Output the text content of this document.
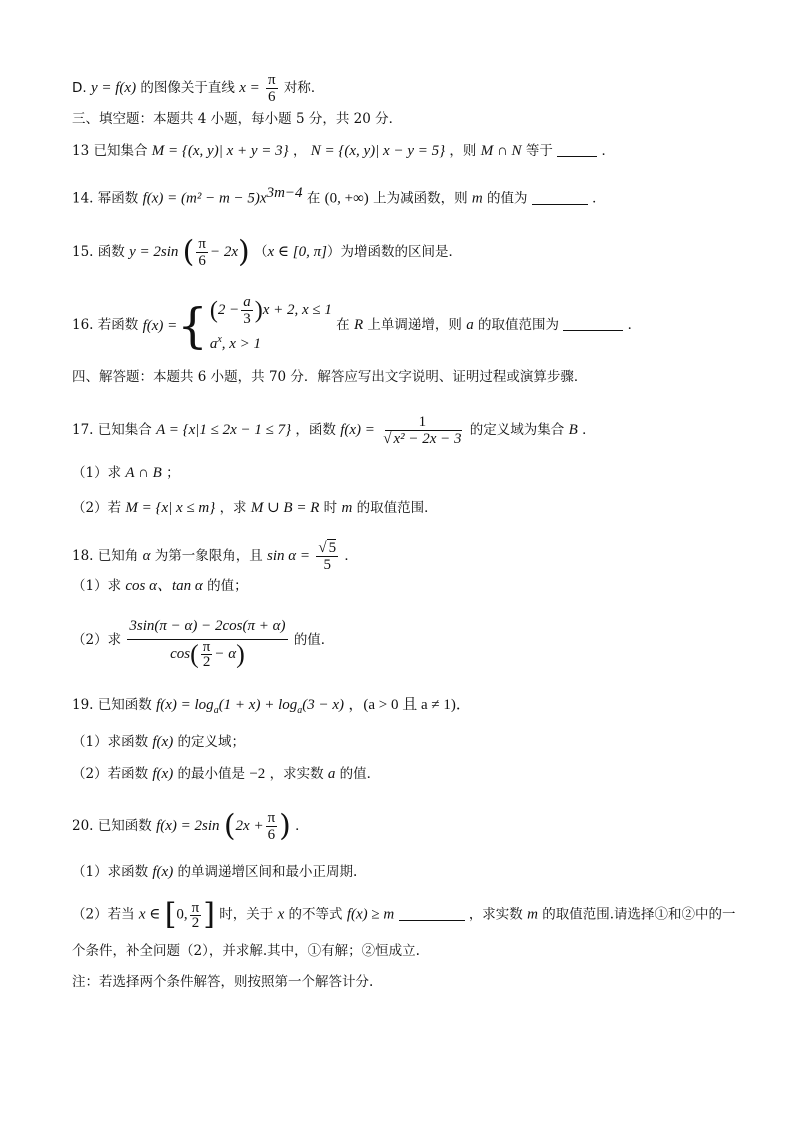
D. y = f(x) 的图像关于直线 $x = \frac{\pi}{6}$ 对称．
三、填空题：本题共 4 小题，每小题 5 分，共 20 分．
13 已知集合 M = {(x, y)| x + y = 3} ， N = {(x, y)| x − y = 5} ，则 M ∩ N 等于	．
14. 幂函数 $f(x) = (m^2 - m - 5)x^{3m-4}$ 在 (0, +∞) 上为减函数，则 m 的值为	．
15. 函数 y = 2sin ( $\frac{\pi}{6} - 2x$) （x ∈ [0, π]）为增函数的区间是．
16. 若函数 f(x) = { $(2 - \frac{a}{3} )x + 2$, x ≤ 1
$a^x$, x > 1
在 R 上单调递增，则 a 的取值范围为	．
四、解答题：本题共 6 小题，共 70 分．解答应写出文字说明、证明过程或演算步骤．
17. 已知集合 A = {x|1 ≤ 2x − 1 ≤ 7} ，函数 $f(x) = \frac{1}{\text{√ x² − 2x − 3}}$ 的定义域为集合 B ．
（1）求 A ∩ B ；
（2）若 M = {x| x ≤ m} ，求 M ∪ B = R 时 m 的取值范围．
18. 已知角 α 为第一象限角，且 $\sin \alpha = \frac{√ 5}{5}$ ．
（1）求 cos α、tan α 的值；
（2）求 $\frac{3\sin(\pi - \alpha) - 2\cos(\pi + \alpha)}{\cos( \frac{\pi}{2} - \alpha)}$ 的值．
19. 已知函数 $f(x) = \log_a(1 + x) + \log_a(3 - x)$ ，(a > 0 且 a ≠ 1)．
（1）求函数 f(x) 的定义域；
（2）若函数 f(x) 的最小值是 −2 ，求实数 a 的值．
20. 已知函数 f(x) = 2sin ($2x + \frac{\pi}{6}$ ) ．
（1）求函数 f(x) 的单调递增区间和最小正周期.
（2）若当 x ∈ [0, $\frac{\pi}{2}$ ] 时，关于 x 的不等式 f(x) ≥ m	，求实数 m 的取值范围.请选择①和②中的一
个条件，补全问题（2），并求解.其中，①有解；②恒成立.
注：若选择两个条件解答，则按照第一个解答计分.
